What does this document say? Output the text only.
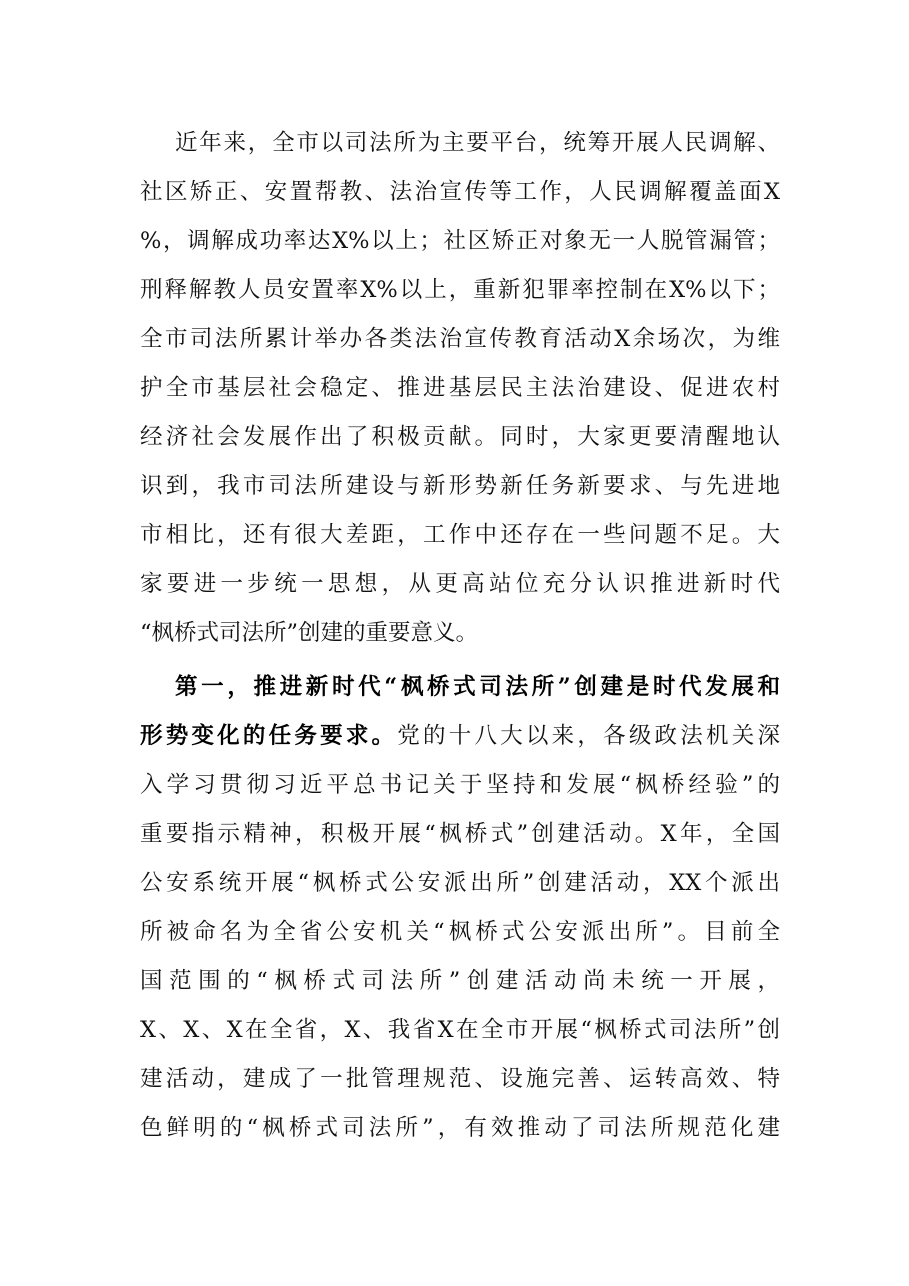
近年来，全市以司法所为主要平台，统筹开展人民调解、
社区矫正、安置帮教、法治宣传等工作，人民调解覆盖面X
%，调解成功率达X%以上；社区矫正对象无一人脱管漏管；
刑释解教人员安置率X%以上，重新犯罪率控制在X%以下；
全市司法所累计举办各类法治宣传教育活动X余场次，为维
护全市基层社会稳定、推进基层民主法治建设、促进农村
经济社会发展作出了积极贡献。同时，大家更要清醒地认
识到，我市司法所建设与新形势新任务新要求、与先进地
市相比，还有很大差距，工作中还存在一些问题不足。大
家要进一步统一思想，从更高站位充分认识推进新时代
“枫桥式司法所”创建的重要意义。
第一，推进新时代“枫桥式司法所”创建是时代发展和
形势变化的任务要求。党的十八大以来，各级政法机关深
入学习贯彻习近平总书记关于坚持和发展“枫桥经验”的
重要指示精神，积极开展“枫桥式”创建活动。X年，全国
公安系统开展“枫桥式公安派出所”创建活动，XX个派出
所被命名为全省公安机关“枫桥式公安派出所”。目前全
国范围的“枫桥式司法所”创建活动尚未统一开展，
X、X、X在全省，X、我省X在全市开展“枫桥式司法所”创
建活动，建成了一批管理规范、设施完善、运转高效、特
色鲜明的“枫桥式司法所”，有效推动了司法所规范化建
